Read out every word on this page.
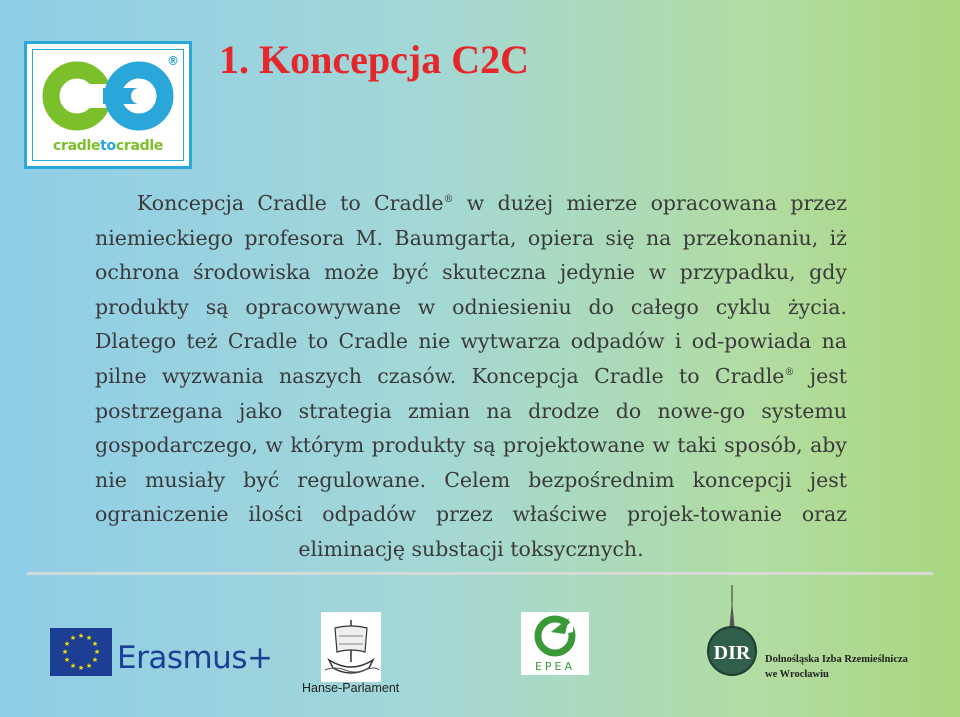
®
cradletocradle
1. Koncepcja C2C

Koncepcja Cradle to Cradle® w dużej mierze opracowana przez niemieckiego profesora M. Baumgarta, opiera się na przekonaniu, iż ochrona środowiska może być skuteczna jedynie w przypadku, gdy produkty są opracowywane w odniesieniu do całego cyklu życia. Dlatego też Cradle to Cradle nie wytwarza odpadów i od-powiada na pilne wyzwania naszych czasów. Koncepcja Cradle to Cradle® jest postrzegana jako strategia zmian na drodze do nowe-go systemu gospodarczego, w którym produkty są projektowane w taki sposób, aby nie musiały być regulowane. Celem bezpośrednim koncepcji jest ograniczenie ilości odpadów przez właściwe projek-towanie oraz eliminację substacji toksycznych.

★ ★
★
★
★
★
★
★
★
★
★
★
Erasmus+
Hanse-Parlament
EPEA
DIR Dolnośląska Izba Rzemieślnicza
we Wrocławiu
